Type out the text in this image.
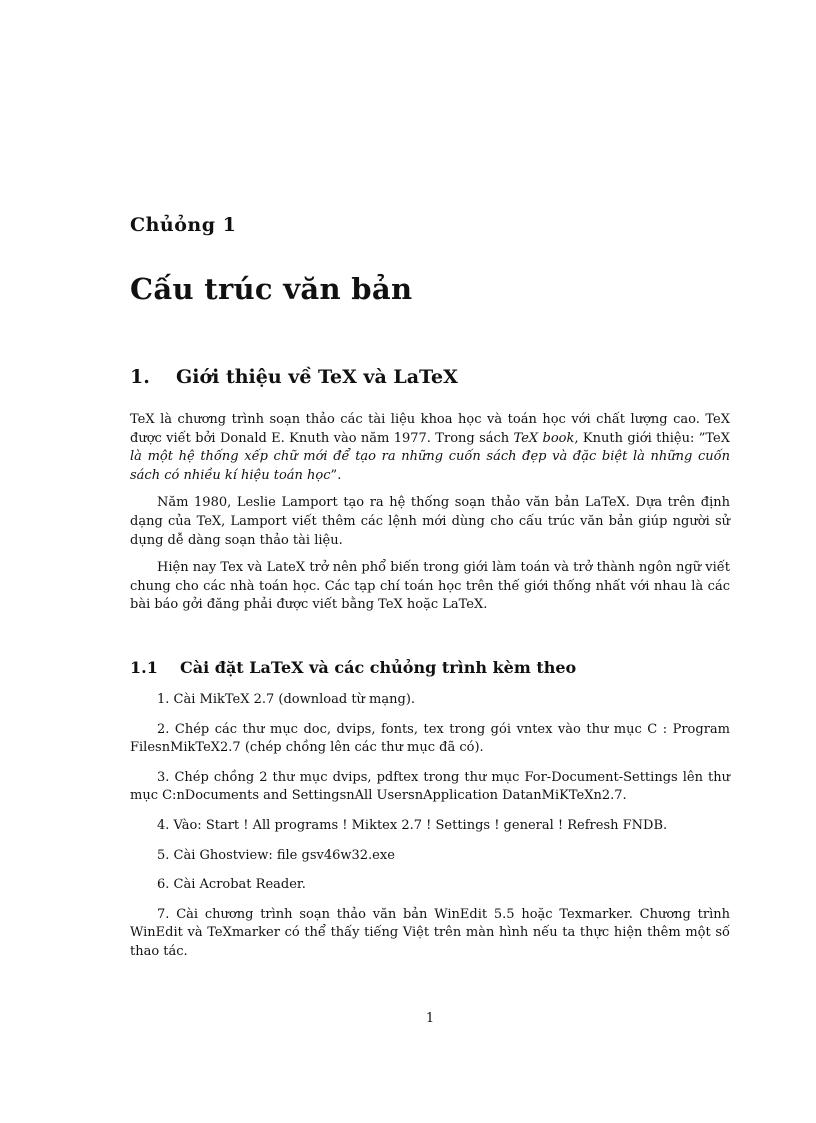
Chủỏng 1
Cấu trúc văn bản
1. Giới thiệu về TeX và LaTeX

TeX là chương trình soạn thảo các tài liệu khoa học và toán học với chất lượng cao. TeX được viết bởi Donald E. Knuth vào năm 1977. Trong sách TeX book, Knuth giới thiệu: ”TeX là một hệ thống xếp chữ mới để tạo ra những cuốn sách đẹp và đặc biệt là những cuốn sách có nhiều kí hiệu toán học”.

Năm 1980, Leslie Lamport tạo ra hệ thống soạn thảo văn bản LaTeX. Dựa trên định dạng của TeX, Lamport viết thêm các lệnh mới dùng cho cấu trúc văn bản giúp người sử dụng dễ dàng soạn thảo tài liệu.

Hiện nay Tex và LateX trở nên phổ biến trong giới làm toán và trở thành ngôn ngữ viết chung cho các nhà toán học. Các tạp chí toán học trên thế giới thống nhất với nhau là các bài báo gởi đăng phải được viết bằng TeX hoặc LaTeX.

1.1 Cài đặt LaTeX và các chủỏng trình kèm theo

1. Cài MikTeX 2.7 (download từ mạng).

2. Chép các thư mục doc, dvips, fonts, tex trong gói vntex vào thư mục C : Program FilesnMikTeX2.7 (chép chồng lên các thư mục đã có).

3. Chép chồng 2 thư mục dvips, pdftex trong thư mục For-Document-Settings lên thư mục C:nDocuments and SettingsnAll UsersnApplication DatanMiKTeXn2.7.

4. Vào: Start ! All programs ! Miktex 2.7 ! Settings ! general ! Refresh FNDB.

5. Cài Ghostview: file gsv46w32.exe

6. Cài Acrobat Reader.

7. Cài chương trình soạn thảo văn bản WinEdit 5.5 hoặc Texmarker. Chương trình WinEdit và TeXmarker có thể thấy tiếng Việt trên màn hình nếu ta thực hiện thêm một số thao tác.

1
